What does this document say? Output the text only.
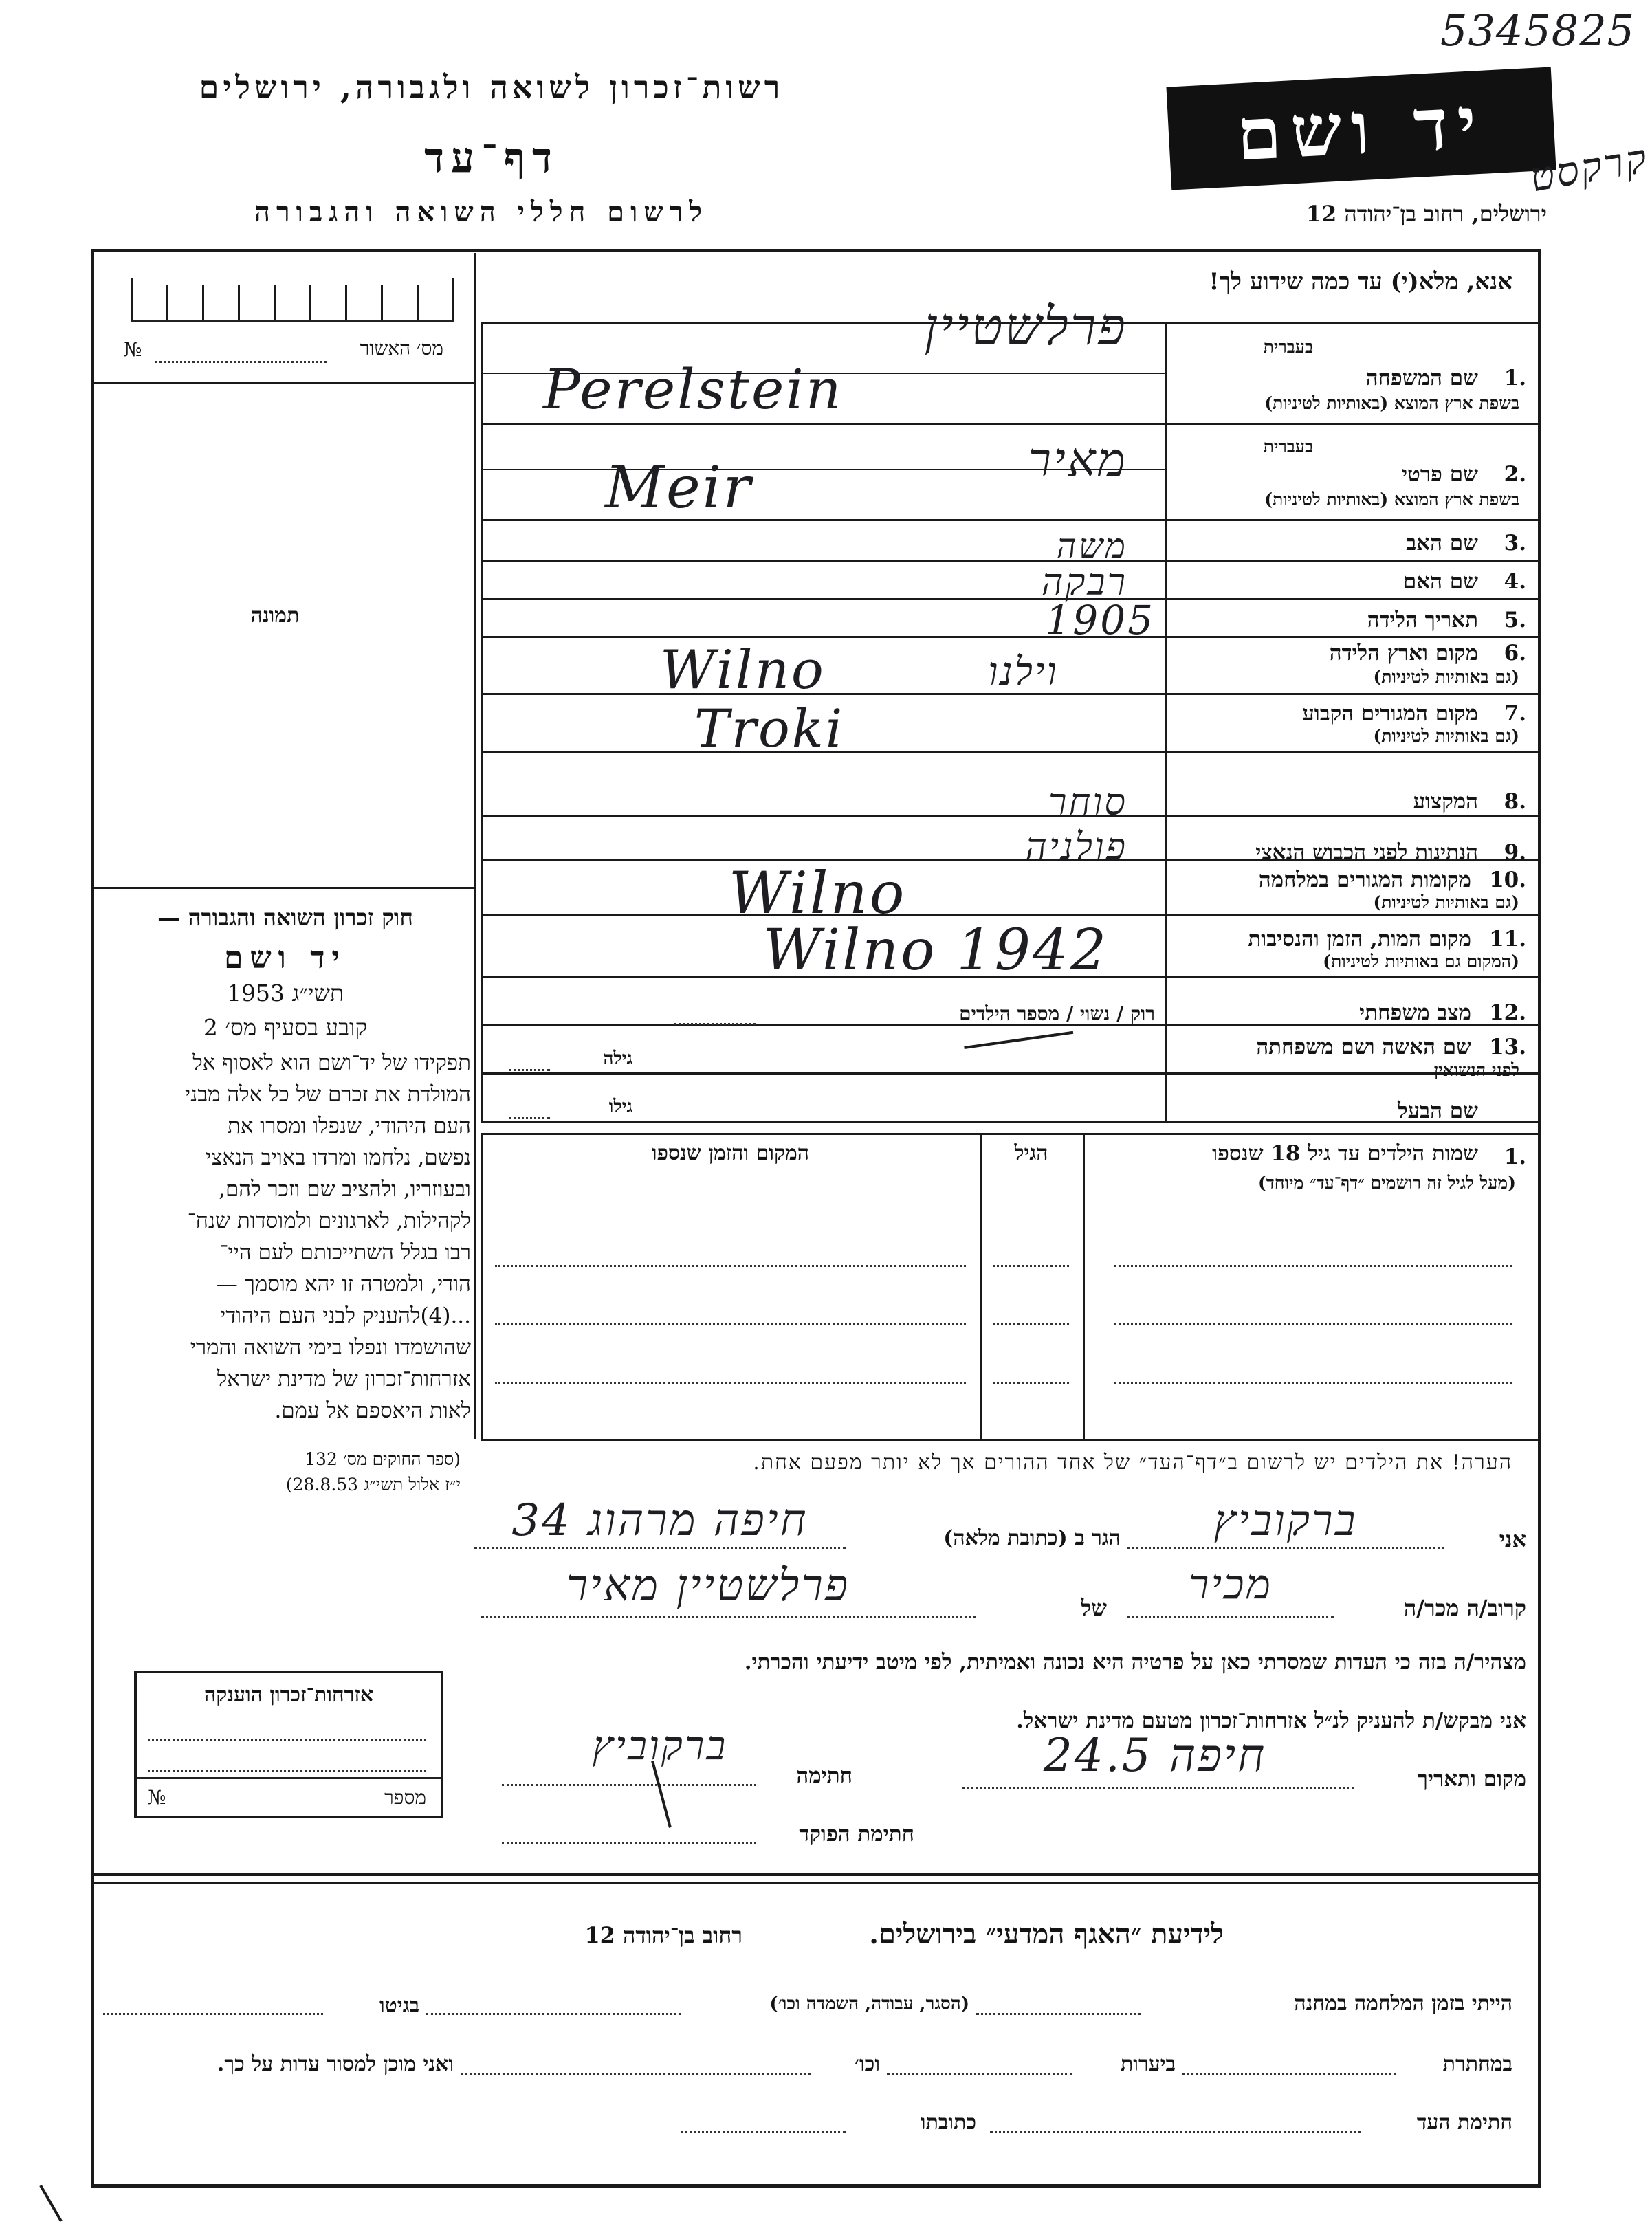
5345825
רשות־זכרון לשואה ולגבורה, ירושלים
דף־עד
לרשום חללי השואה והגבורה
יד ושם
ירושלים, רחוב בן־יהודה 12
קרקסט
אנא, מלא(י) עד כמה שידוע לך!
מס׳ האשור
№
תמונה
חוק זכרון השואה והגבורה —
יד ושם
תשי״ג 1953
קובע בסעיף מס׳ 2
תפקידו של יד־ושם הוא לאסוף אל
המולדת את זכרם של כל אלה מבני
העם היהודי, שנפלו ומסרו את
נפשם, נלחמו ומרדו באויב הנאצי
ובעוזריו, ולהציב שם וזכר להם,
לקהילות, לארגונים ולמוסדות שנח־
רבו בגלל השתייכותם לעם היי־
הודי, ולמטרה זו יהא מוסמך —
...(4)להעניק לבני העם היהודי
שהושמדו ונפלו בימי השואה והמרי
אזרחות־זכרון של מדינת ישראל
לאות היאספם אל עמם.
(ספר החוקים מס׳ 132
י״ז אלול תשי״ג 28.8.53)
אזרחות־זכרון הוענקה
מספר
№
בעברית
1.
שם המשפחה
בשפת ארץ המוצא (באותיות לטיניות)
פרלשטיין
Perelstein
בעברית
2.
שם פרטי
בשפת ארץ המוצא (באותיות לטיניות)
מאיר
Meir
3.
שם האב
משה
4.
שם האם
רבקה
5.
תאריך הלידה
1905
6.
מקום וארץ הלידה
(גם באותיות לטיניות)
וילנו
Wilno
7.
מקום המגורים הקבוע
(גם באותיות לטיניות)
Troki
8.
המקצוע
סוחר
9.
הנתינות לפני הכבוש הנאצי
פולניה
10.
מקומות המגורים במלחמה
(גם באותיות לטיניות)
Wilno
11.
מקום המות, הזמן והנסיבות
(המקום גם באותיות לטיניות)
Wilno 1942
12.
מצב משפחתי
רוק / נשוי / מספר הילדים
13.
שם האשה ושם משפחתה
לפני הנשואין
גילה
שם הבעל
גילו
1.
שמות הילדים עד גיל 18 שנספו
(מעל לגיל זה רושמים ״דף־עד״ מיוחד)
הגיל
המקום והזמן שנספו
הערה! את הילדים יש לרשום ב״דף־העד״ של אחד ההורים אך לא יותר מפעם אחת.
אני
ברקוביץ
הגר ב (כתובת מלאה)
חיפה מרהוג 34
קרוב/ה מכר/ה
מכיר
של
פרלשטיין מאיר
מצהיר/ה בזה כי העדות שמסרתי כאן על פרטיה היא נכונה ואמיתית, לפי מיטב ידיעתי והכרתי.
אני מבקש/ת להעניק לנ״ל אזרחות־זכרון מטעם מדינת ישראל.
מקום ותאריך
חיפה 24.5
חתימה
ברקוביץ
חתימת הפוקד
לידיעת ״האגף המדעי״ בירושלים.
רחוב בן־יהודה 12
הייתי בזמן המלחמה במחנה
(הסגר, עבודה, השמדה וכו׳)
בגיטו
במחתרת
ביערות
וכו׳
ואני מוכן למסור עדות על כך.
חתימת העד
כתובתו
